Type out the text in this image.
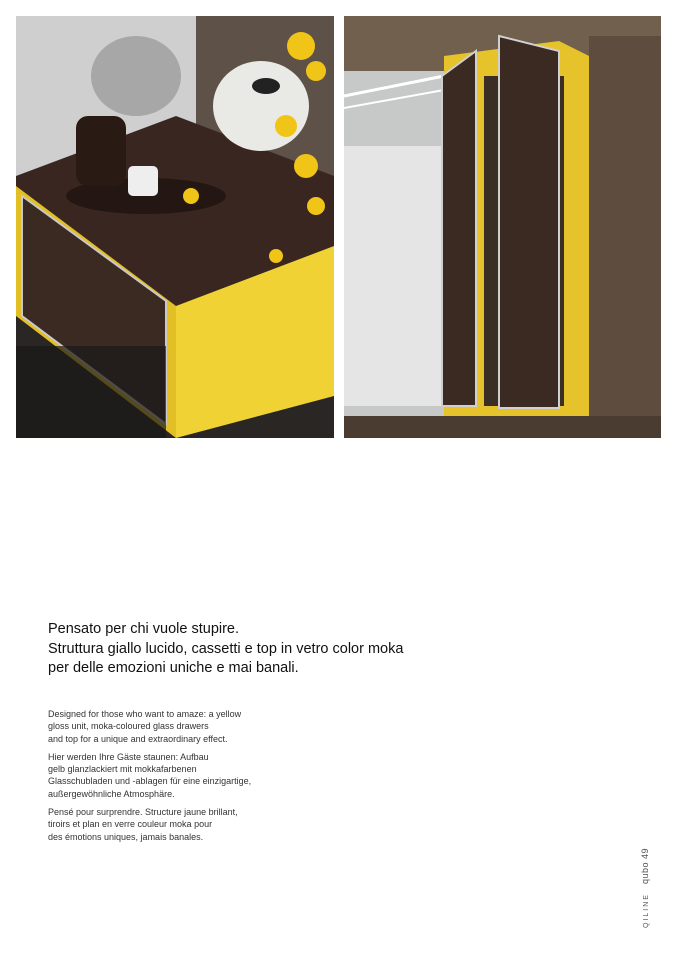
Pensato per chi vuole stupire.
Struttura giallo lucido, cassetti e top in vetro color moka
per delle emozioni uniche e mai banali.

Designed for those who want to amaze: a yellow
gloss unit, moka-coloured glass drawers
and top for a unique and extraordinary effect.

Hier werden Ihre Gäste staunen: Aufbau
gelb glanzlackiert mit mokkafarbenen
Glasschubladen und -ablagen für eine einzigartige,
außergewöhnliche Atmosphäre.

Pensé pour surprendre. Structure jaune brillant,
tiroirs et plan en verre couleur moka pour
des émotions uniques, jamais banales.

QILINE qubo 49
